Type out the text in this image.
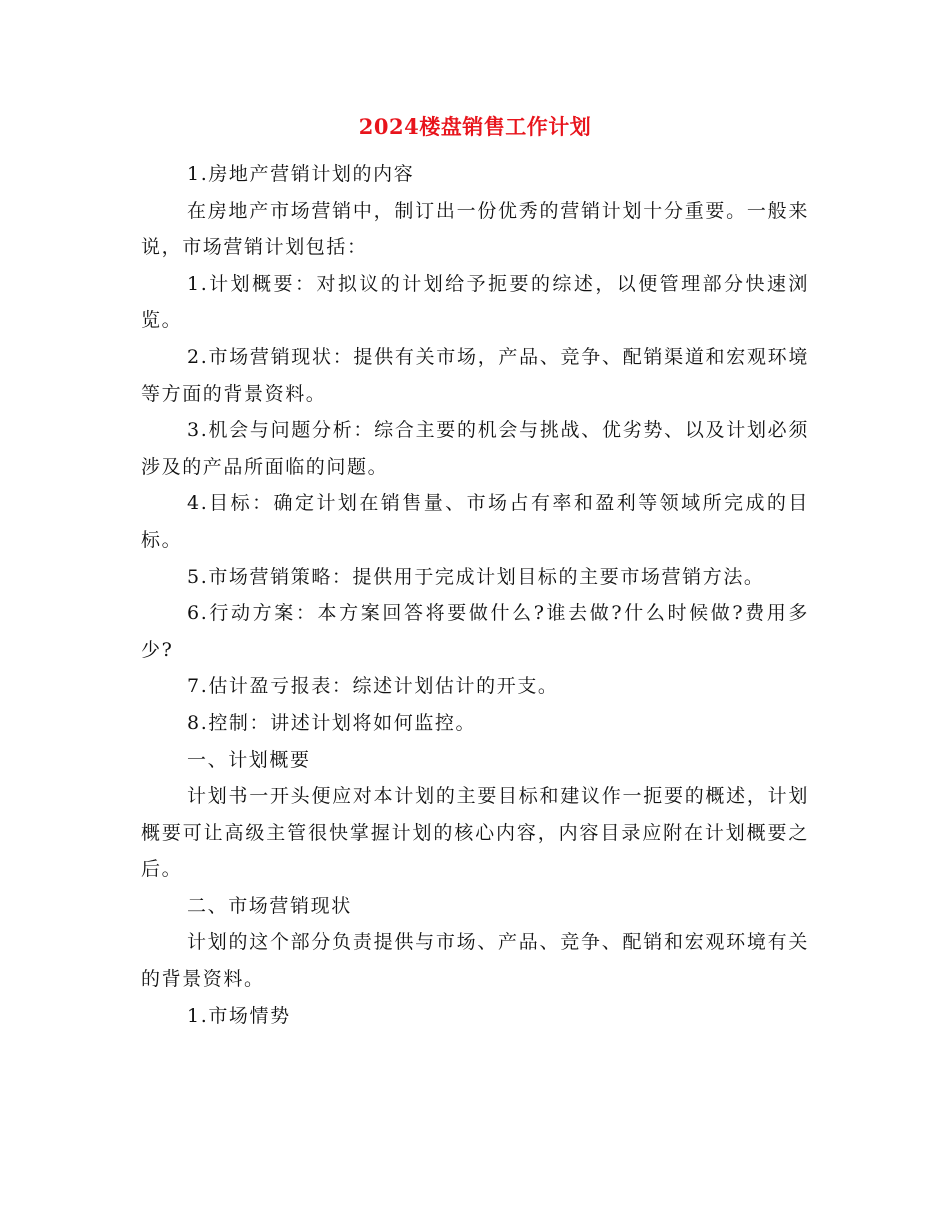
2024楼盘销售工作计划

1.房地产营销计划的内容

在房地产市场营销中，制订出一份优秀的营销计划十分重要。一般来说，市场营销计划包括：

1.计划概要：对拟议的计划给予扼要的综述，以便管理部分快速浏览。

2.市场营销现状：提供有关市场，产品、竞争、配销渠道和宏观环境等方面的背景资料。

3.机会与问题分析：综合主要的机会与挑战、优劣势、以及计划必须涉及的产品所面临的问题。

4.目标：确定计划在销售量、市场占有率和盈利等领域所完成的目标。

5.市场营销策略：提供用于完成计划目标的主要市场营销方法。

6.行动方案：本方案回答将要做什么?谁去做?什么时候做?费用多少?

7.估计盈亏报表：综述计划估计的开支。

8.控制：讲述计划将如何监控。

一、计划概要

计划书一开头便应对本计划的主要目标和建议作一扼要的概述，计划概要可让高级主管很快掌握计划的核心内容，内容目录应附在计划概要之后。

二、市场营销现状

计划的这个部分负责提供与市场、产品、竞争、配销和宏观环境有关的背景资料。

1.市场情势
